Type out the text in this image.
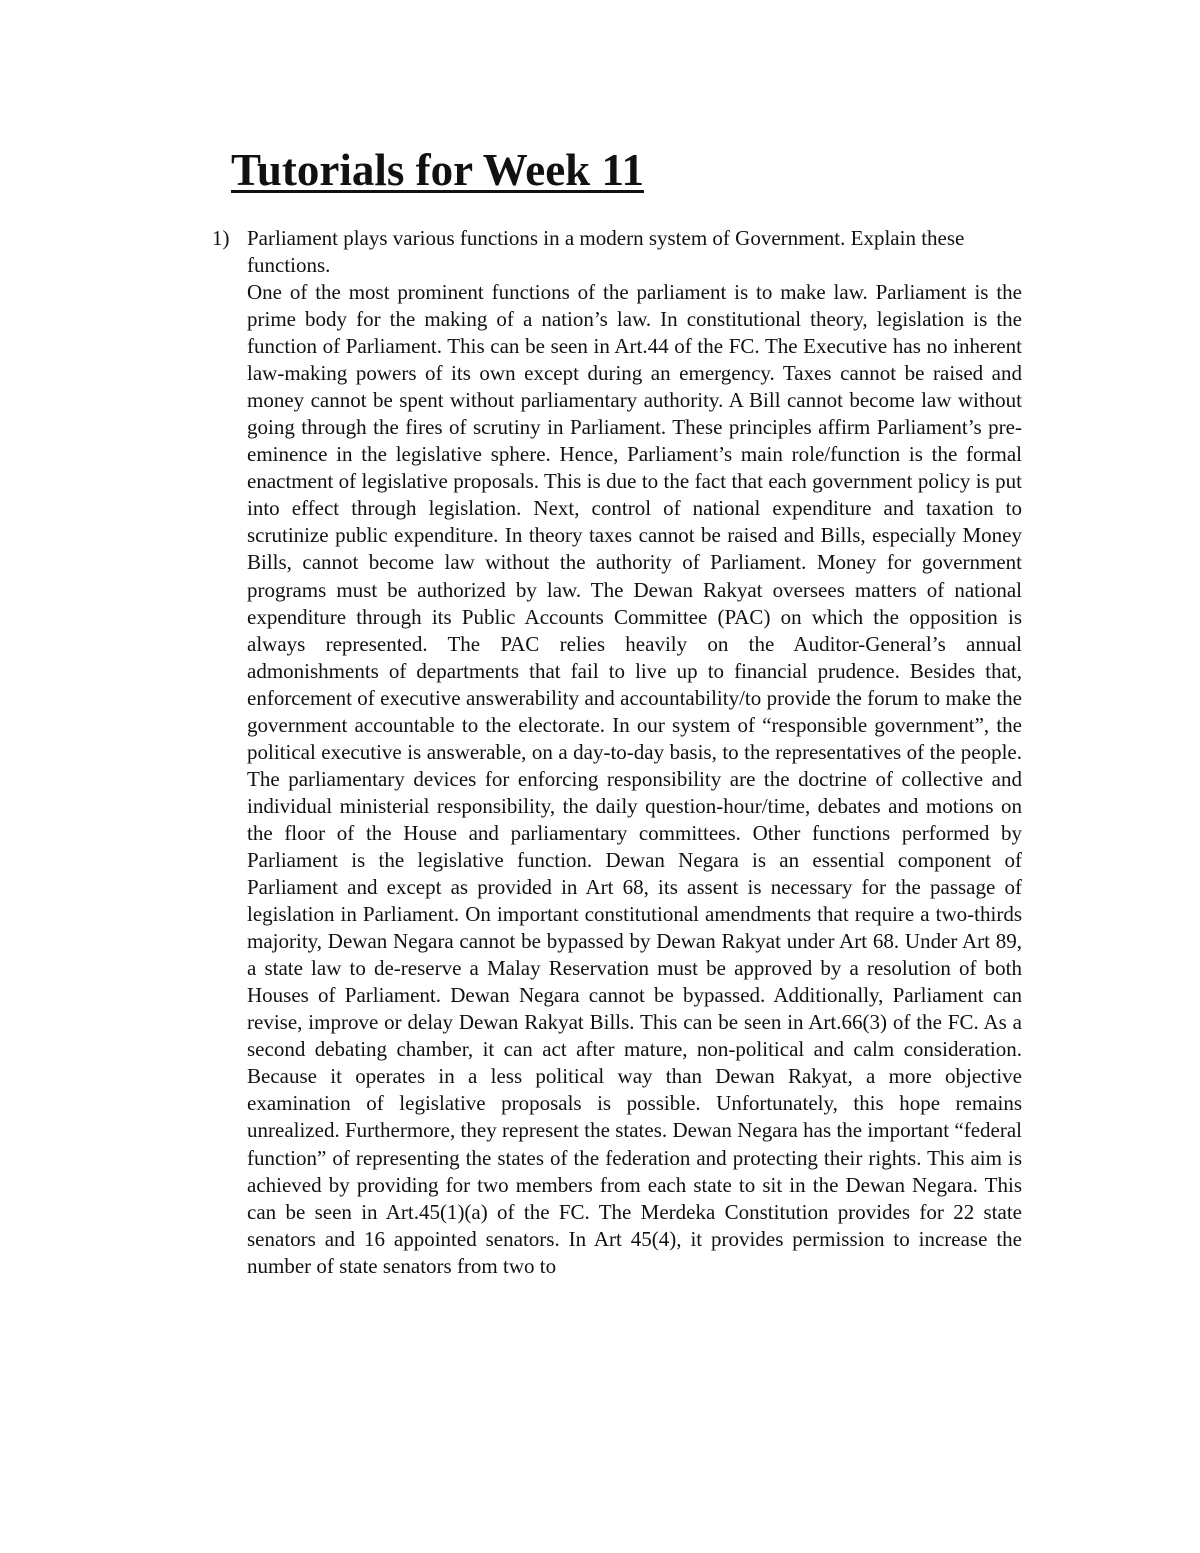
Tutorials for Week 11
1) Parliament plays various functions in a modern system of Government. Explain these functions.

One of the most prominent functions of the parliament is to make law. Parliament is the prime body for the making of a nation’s law. In constitutional theory, legislation is the function of Parliament. This can be seen in Art.44 of the FC. The Executive has no inherent law-making powers of its own except during an emergency. Taxes cannot be raised and money cannot be spent without parliamentary authority. A Bill cannot become law without going through the fires of scrutiny in Parliament. These principles affirm Parliament’s pre-eminence in the legislative sphere. Hence, Parliament’s main role/function is the formal enactment of legislative proposals. This is due to the fact that each government policy is put into effect through legislation. Next, control of national expenditure and taxation to scrutinize public expenditure. In theory taxes cannot be raised and Bills, especially Money Bills, cannot become law without the authority of Parliament. Money for government programs must be authorized by law. The Dewan Rakyat oversees matters of national expenditure through its Public Accounts Committee (PAC) on which the opposition is always represented. The PAC relies heavily on the Auditor-General’s annual admonishments of departments that fail to live up to financial prudence. Besides that, enforcement of executive answerability and accountability/to provide the forum to make the government accountable to the electorate. In our system of “responsible government”, the political executive is answerable, on a day-to-day basis, to the representatives of the people. The parliamentary devices for enforcing responsibility are the doctrine of collective and individual ministerial responsibility, the daily question-hour/time, debates and motions on the floor of the House and parliamentary committees. Other functions performed by Parliament is the legislative function. Dewan Negara is an essential component of Parliament and except as provided in Art 68, its assent is necessary for the passage of legislation in Parliament. On important constitutional amendments that require a two-thirds majority, Dewan Negara cannot be bypassed by Dewan Rakyat under Art 68. Under Art 89, a state law to de-reserve a Malay Reservation must be approved by a resolution of both Houses of Parliament. Dewan Negara cannot be bypassed. Additionally, Parliament can revise, improve or delay Dewan Rakyat Bills. This can be seen in Art.66(3) of the FC. As a second debating chamber, it can act after mature, non-political and calm consideration. Because it operates in a less political way than Dewan Rakyat, a more objective examination of legislative proposals is possible. Unfortunately, this hope remains unrealized. Furthermore, they represent the states. Dewan Negara has the important “federal function” of representing the states of the federation and protecting their rights. This aim is achieved by providing for two members from each state to sit in the Dewan Negara. This can be seen in Art.45(1)(a) of the FC. The Merdeka Constitution provides for 22 state senators and 16 appointed senators. In Art 45(4), it provides permission to increase the number of state senators from two to
